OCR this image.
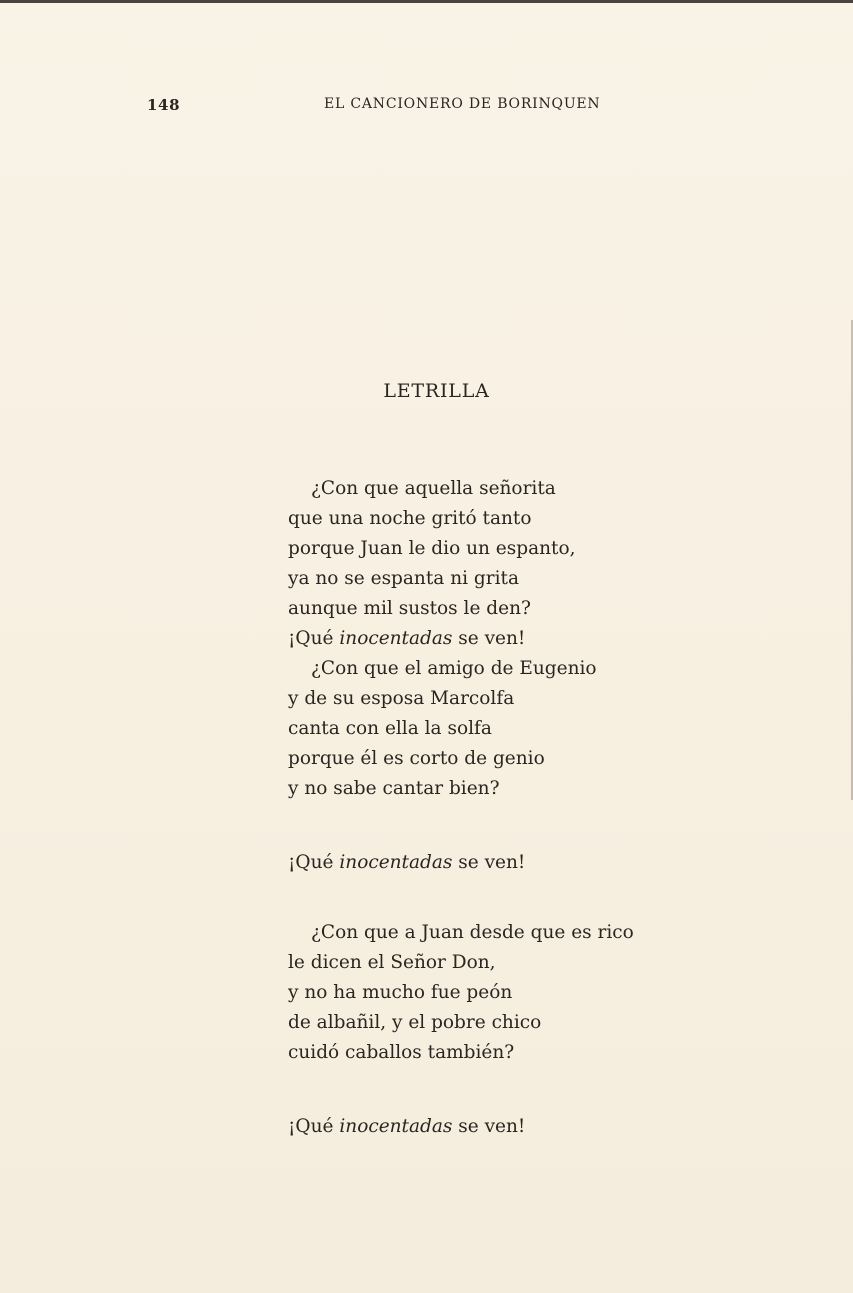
148	EL CANCIONERO DE BORINQUEN
LETRILLA
¿Con que aquella señorita
que una noche gritó tanto
porque Juan le dio un espanto,
ya no se espanta ni grita
aunque mil sustos le den?
¡Qué inocentadas se ven!
¿Con que el amigo de Eugenio
y de su esposa Marcolfa
canta con ella la solfa
porque él es corto de genio
y no sabe cantar bien?
¡Qué inocentadas se ven!
¿Con que a Juan desde que es rico
le dicen el Señor Don,
y no ha mucho fue peón
de albañil, y el pobre chico
cuidó caballos también?
¡Qué inocentadas se ven!
